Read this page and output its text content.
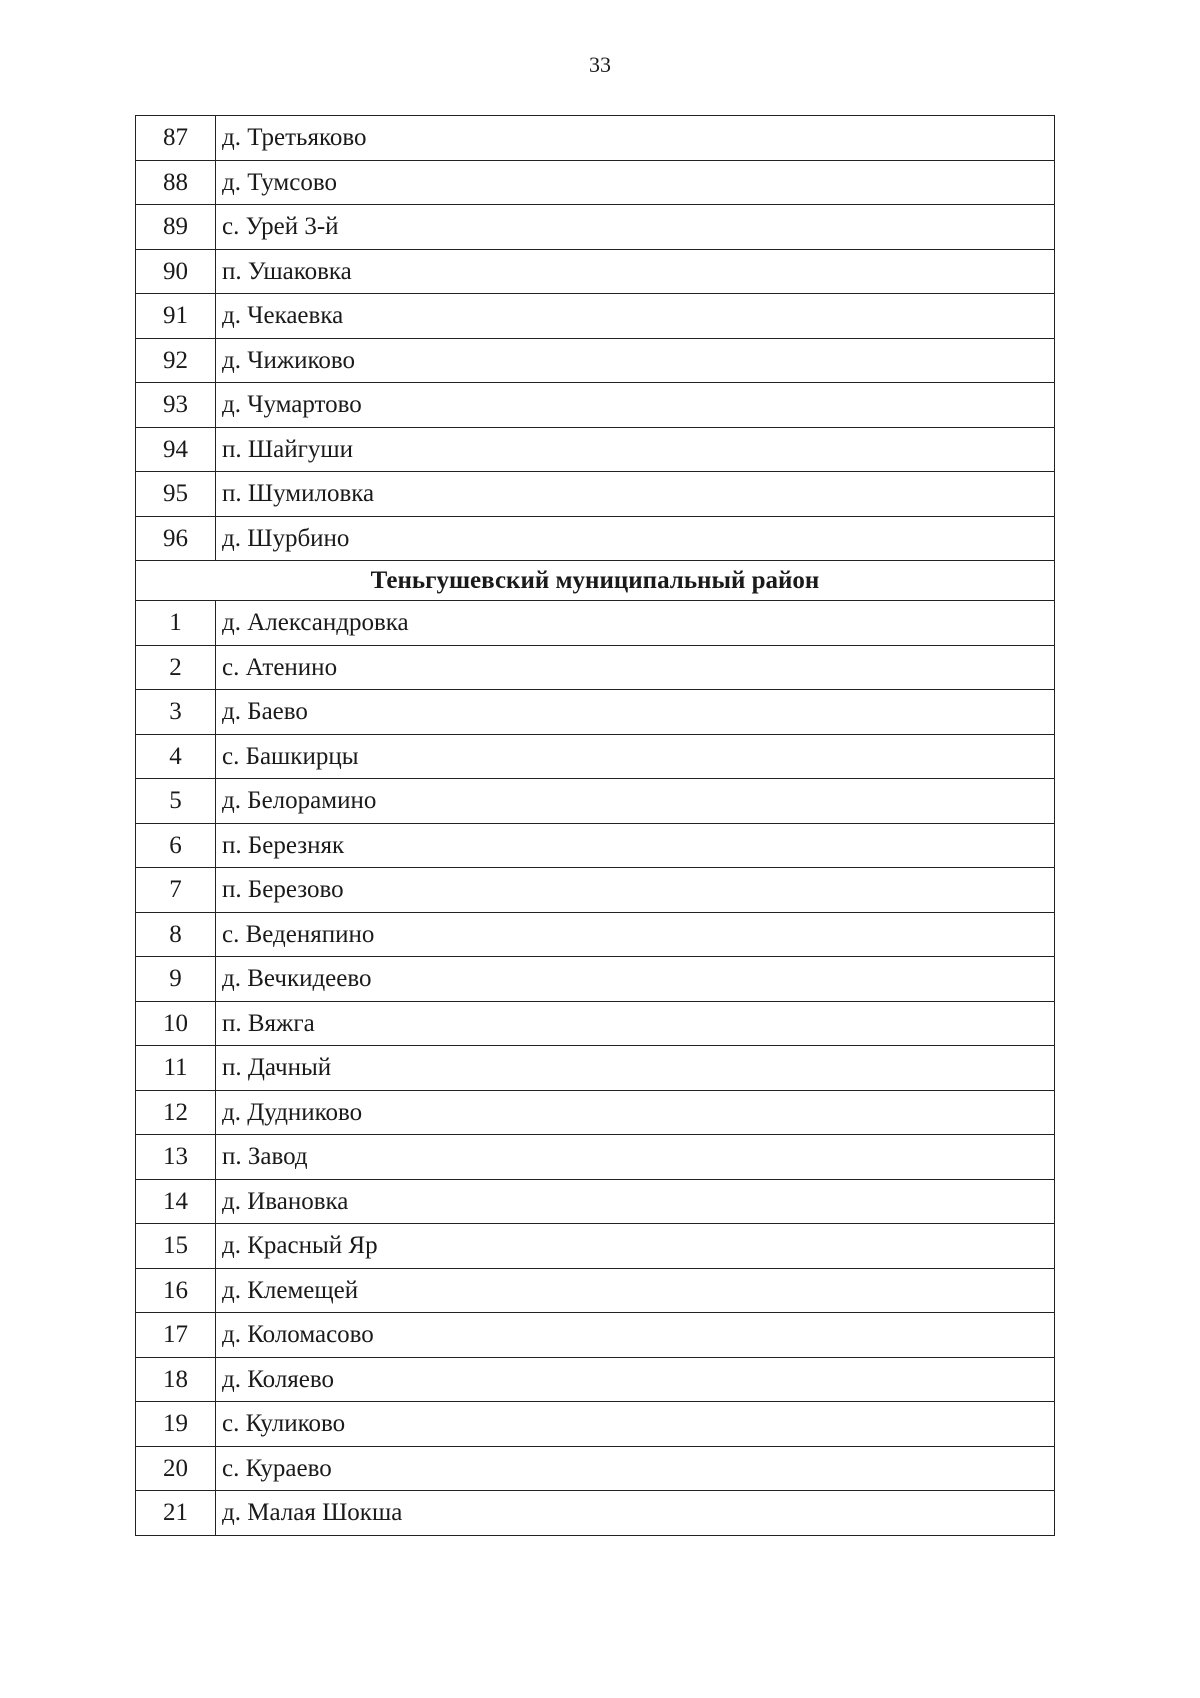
33
87	д. Третьяково
88	д. Тумсово
89	с. Урей 3-й
90	п. Ушаковка
91	д. Чекаевка
92	д. Чижиково
93	д. Чумартово
94	п. Шайгуши
95	п. Шумиловка
96	д. Шурбино
Теньгушевский муниципальный район	
1	д. Александровка
2	с. Атенино
3	д. Баево
4	с. Башкирцы
5	д. Белорамино
6	п. Березняк
7	п. Березово
8	с. Веденяпино
9	д. Вечкидеево
10	п. Вяжга
11	п. Дачный
12	д. Дудниково
13	п. Завод
14	д. Ивановка
15	д. Красный Яр
16	д. Клемещей
17	д. Коломасово
18	д. Коляево
19	с. Куликово
20	с. Кураево
21	д. Малая Шокша
